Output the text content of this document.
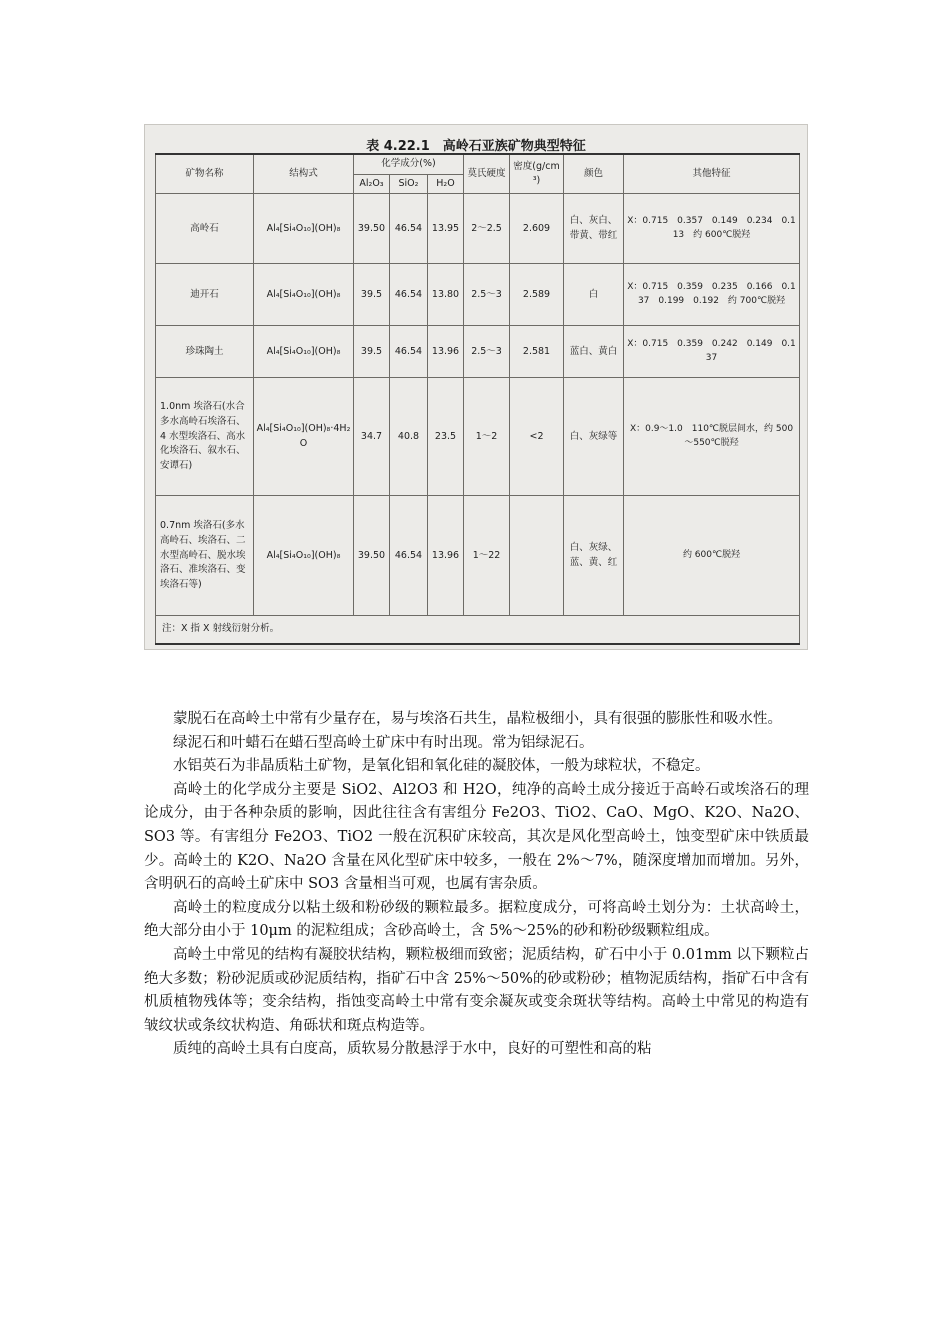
表 4.22.1　高岭石亚族矿物典型特征
矿物名称	结构式	化学成分(%)			莫氏硬度	密度(g/cm³)	颜色	其他特征
		Al₂O₃	SiO₂	H₂O				
高岭石	Al₄[Si₄O₁₀](OH)₈	39.50	46.54	13.95	2～2.5	2.609	白、灰白、带黄、带红	X：0.715　0.357　0.149　0.234　0.113　约 600℃脱羟
迪开石	Al₄[Si₄O₁₀](OH)₈	39.5	46.54	13.80	2.5～3	2.589	白	X：0.715　0.359　0.235　0.166　0.137　0.199　0.192　约 700℃脱羟
珍珠陶土	Al₄[Si₄O₁₀](OH)₈	39.5	46.54	13.96	2.5～3	2.581	蓝白、黄白	X：0.715　0.359　0.242　0.149　0.137
1.0nm 埃洛石(水合多水高岭石埃洛石、4 水型埃洛石、高水化埃洛石、叙水石、安谭石)	Al₄[Si₄O₁₀](OH)₈·4H₂O	34.7	40.8	23.5	1～2	<2	白、灰绿等	X：0.9～1.0　110℃脱层间水，约 500～550℃脱羟
0.7nm 埃洛石(多水高岭石、埃洛石、二水型高岭石、脱水埃洛石、准埃洛石、变埃洛石等)	Al₄[Si₄O₁₀](OH)₈	39.50	46.54	13.96	1～22		白、灰绿、蓝、黄、红	约 600℃脱羟
注：X 指 X 射线衍射分析。								

蒙脱石在高岭土中常有少量存在，易与埃洛石共生，晶粒极细小，具有很强的膨胀性和吸水性。

绿泥石和叶蜡石在蜡石型高岭土矿床中有时出现。常为铝绿泥石。

水铝英石为非晶质粘土矿物，是氧化铝和氧化硅的凝胶体，一般为球粒状，不稳定。

高岭土的化学成分主要是 SiO2、Al2O3 和 H2O，纯净的高岭土成分接近于高岭石或埃洛石的理论成分，由于各种杂质的影响，因此往往含有害组分 Fe2O3、TiO2、CaO、MgO、K2O、Na2O、SO3 等。有害组分 Fe2O3、TiO2 一般在沉积矿床较高，其次是风化型高岭土，蚀变型矿床中铁质最少。高岭土的 K2O、Na2O 含量在风化型矿床中较多，一般在 2%～7%，随深度增加而增加。另外，含明矾石的高岭土矿床中 SO3 含量相当可观，也属有害杂质。

高岭土的粒度成分以粘土级和粉砂级的颗粒最多。据粒度成分，可将高岭土划分为：土状高岭土，绝大部分由小于 10μm 的泥粒组成；含砂高岭土，含 5%～25%的砂和粉砂级颗粒组成。

高岭土中常见的结构有凝胶状结构，颗粒极细而致密；泥质结构，矿石中小于 0.01mm 以下颗粒占绝大多数；粉砂泥质或砂泥质结构，指矿石中含 25%～50%的砂或粉砂；植物泥质结构，指矿石中含有机质植物残体等；变余结构，指蚀变高岭土中常有变余凝灰或变余斑状等结构。高岭土中常见的构造有皱纹状或条纹状构造、角砾状和斑点构造等。

质纯的高岭土具有白度高，质软易分散悬浮于水中，良好的可塑性和高的粘
